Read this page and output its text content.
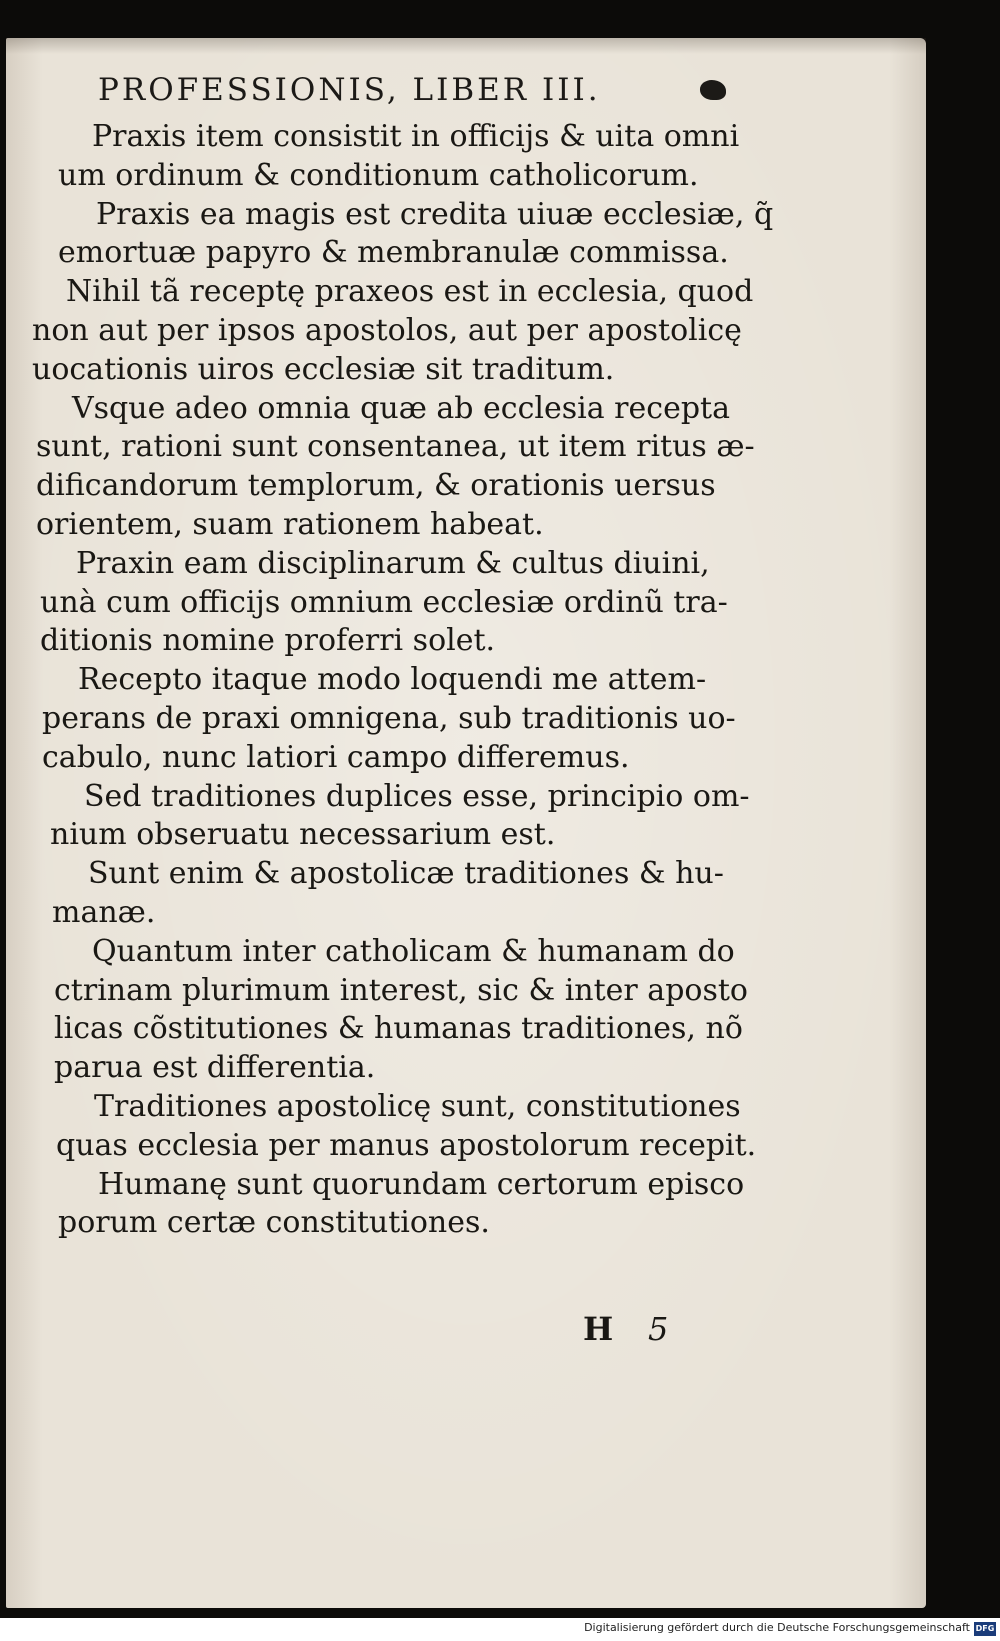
PROFESSIONIS, LIBER III.

Praxis item consistit in officijs & uita omni
um ordinum & conditionum catholicorum.

Praxis ea magis est credita uiuæ ecclesiæ, q̃
emortuæ papyro & membranulæ commissa.

Nihil tã receptę praxeos est in ecclesia, quod
non aut per ipsos apostolos, aut per apostolicę
uocationis uiros ecclesiæ sit traditum.

Vsque adeo omnia quæ ab ecclesia recepta
sunt, rationi sunt consentanea, ut item ritus æ-
dificandorum templorum, & orationis uersus
orientem, suam rationem habeat.

Praxin eam disciplinarum & cultus diuini,
unà cum officijs omnium ecclesiæ ordinũ tra-
ditionis nomine proferri solet.

Recepto itaque modo loquendi me attem-
perans de praxi omnigena, sub traditionis uo-
cabulo, nunc latiori campo differemus.

Sed traditiones duplices esse, principio om-
nium obseruatu necessarium est.

Sunt enim & apostolicæ traditiones & hu-
manæ.

Quantum inter catholicam & humanam do
ctrinam plurimum interest, sic & inter aposto
licas cõstitutiones & humanas traditiones, nõ
parua est differentia.

Traditiones apostolicę sunt, constitutiones
quas ecclesia per manus apostolorum recepit.

Humanę sunt quorundam certorum episco
porum certæ constitutiones.

H 5
Digitalisierung gefördert durch die Deutsche Forschungsgemeinschaft DFG
